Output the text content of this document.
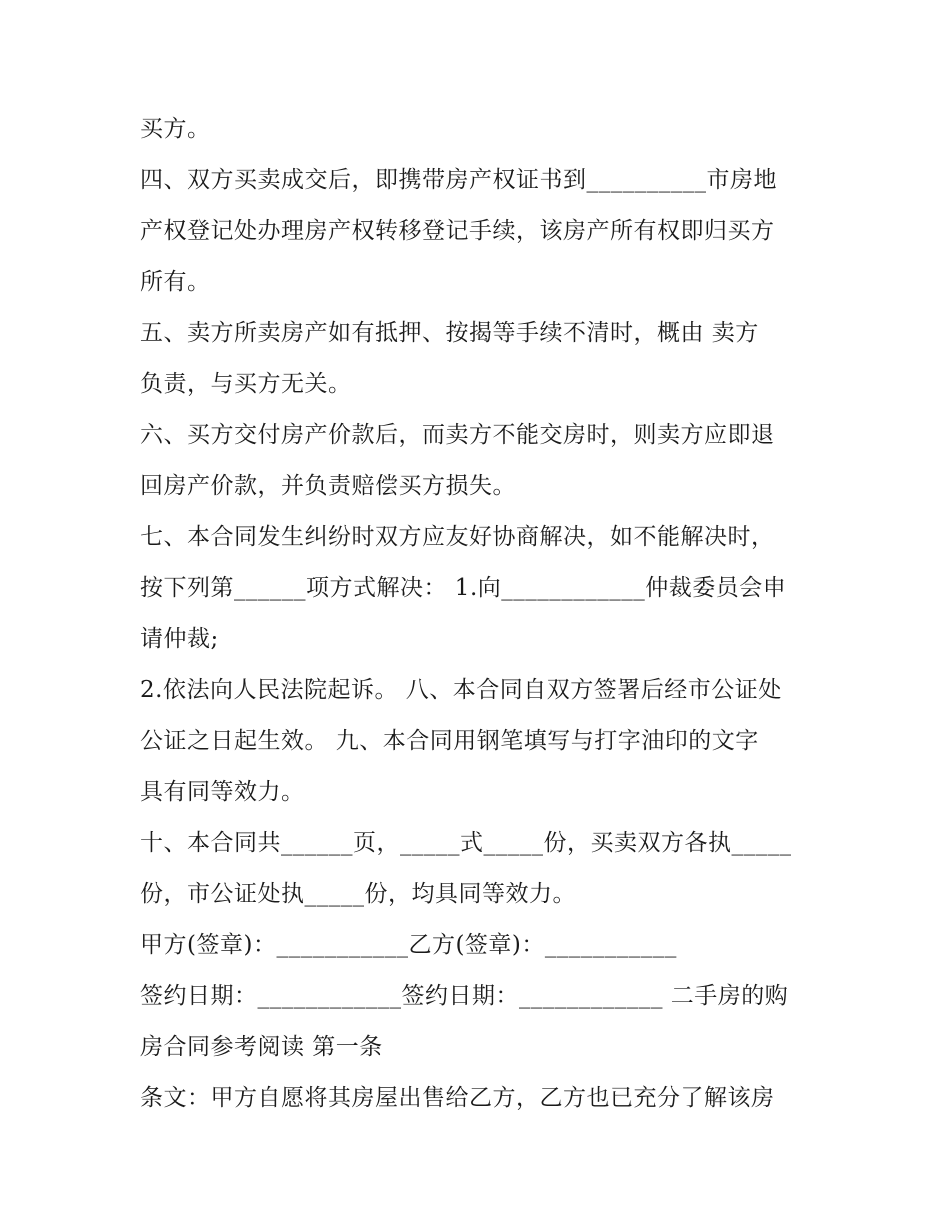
买方。
四、双方买卖成交后，即携带房产权证书到__________市房地
产权登记处办理房产权转移登记手续，该房产所有权即归买方
所有。
五、卖方所卖房产如有抵押、按揭等手续不清时，概由 卖方
负责，与买方无关。
六、买方交付房产价款后，而卖方不能交房时，则卖方应即退
回房产价款，并负责赔偿买方损失。
七、本合同发生纠纷时双方应友好协商解决，如不能解决时，
按下列第______项方式解决： 1.向____________仲裁委员会申
请仲裁;
2.依法向人民法院起诉。 八、本合同自双方签署后经市公证处
公证之日起生效。 九、本合同用钢笔填写与打字油印的文字
具有同等效力。
十、本合同共______页，_____式_____份，买卖双方各执_____
份，市公证处执_____份，均具同等效力。
甲方(签章)：___________乙方(签章)：___________
签约日期：____________签约日期：____________ 二手房的购
房合同参考阅读 第一条
条文：甲方自愿将其房屋出售给乙方，乙方也已充分了解该房
